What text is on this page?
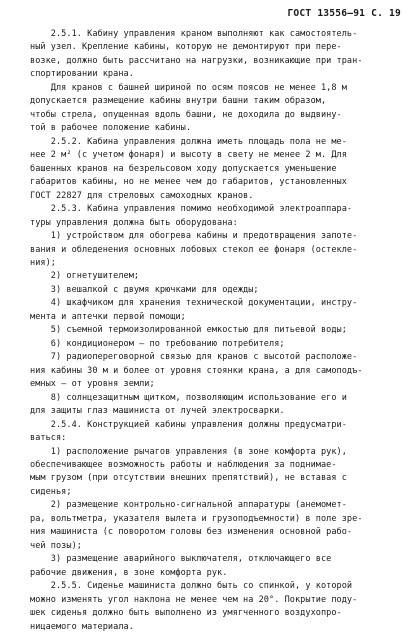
ГОСТ 13556—91 С. 19
2.5.1. Кабину управления краном выполняют как самостоятель-
ный узел. Крепление кабины, которую не демонтируют при пере-
возке, должно быть рассчитано на нагрузки, возникающие при тран-
спортировании крана.
Для кранов с башней шириной по осям поясов не менее 1,8 м
допускается размещение кабины внутри башни таким образом,
чтобы стрела, опущенная вдоль башни, не доходила до выдвину-
той в рабочее положение кабины.
2.5.2. Кабина управления должна иметь площадь пола не ме-
нее 2 м² (с учетом фонаря) и высоту в свету не менее 2 м. Для
башенных кранов на безрельсовом ходу допускается уменьшение
габаритов кабины, но не менее чем до габаритов, установленных
ГОСТ 22827 для стреловых самоходных кранов.
2.5.3. Кабина управления помимо необходимой электроаппара-
туры управления должна быть оборудована:
1) устройством для обогрева кабины и предотвращения запоте-
вания и обледенения основных лобовых стекол ее фонаря (остекле-
ния);
2) огнетушителем;
3) вешалкой с двумя крючками для одежды;
4) шкафчиком для хранения технической документации, инстру-
мента и аптечки первой помощи;
5) съемной термоизолированной емкостью для питьевой воды;
6) кондиционером — по требованию потребителя;
7) радиопереговорной связью для кранов с высотой расположе-
ния кабины 30 м и более от уровня стоянки крана, а для самоподъ-
емных — от уровня земли;
8) солнцезащитным щитком, позволяющим использование его и
для защиты глаз машиниста от лучей электросварки.
2.5.4. Конструкцией кабины управления должны предусматри-
ваться:
1) расположение рычагов управления (в зоне комфорта рук),
обеспечивающее возможность работы и наблюдения за поднимае-
мым грузом (при отсутствии внешних препятствий), не вставая с
сиденья;
2) размещение контрольно-сигнальной аппаратуры (анемомет-
ра, вольтметра, указателя вылета и грузоподъемности) в поле зре-
ния машиниста (с поворотом головы без изменения основной рабо-
чей позы);
3) размещение аварийного выключателя, отключающего все
рабочие движения, в зоне комфорта рук.
2.5.5. Сиденье машиниста должно быть со спинкой, у которой
можно изменять угол наклона не менее чем на 20°. Покрытие поду-
шек сиденья должно быть выполнено из умягченного воздухопро-
ницаемого материала.
